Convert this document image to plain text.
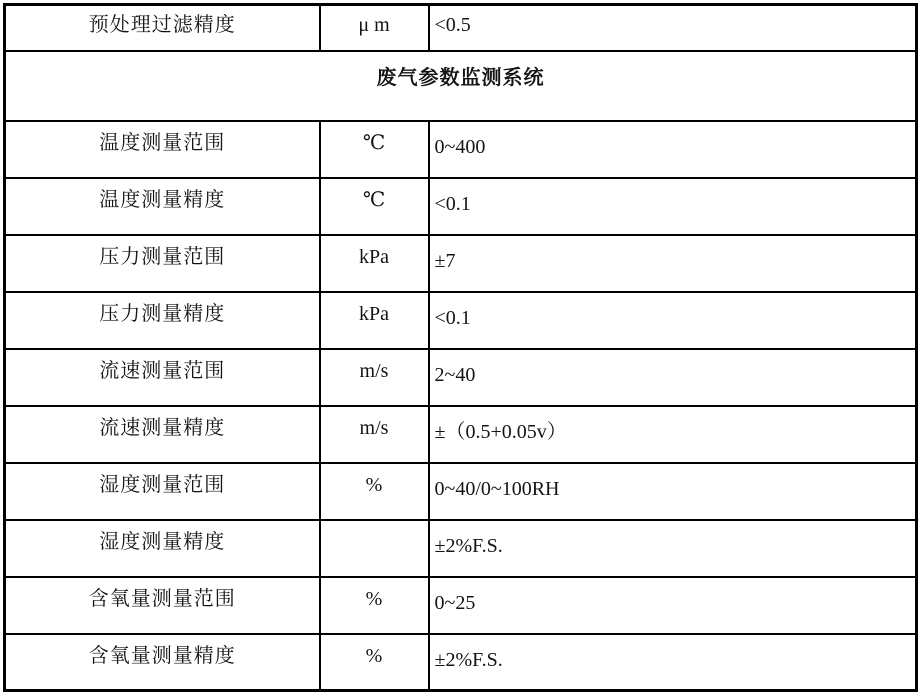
预处理过滤精度	μ m	<0.5
废气参数监测系统		
温度测量范围	℃	0~400
温度测量精度	℃	<0.1
压力测量范围	kPa	±7
压力测量精度	kPa	<0.1
流速测量范围	m/s	2~40
流速测量精度	m/s	±（0.5+0.05v）
湿度测量范围	%	0~40/0~100RH
湿度测量精度		±2%F.S.
含氧量测量范围	%	0~25
含氧量测量精度	%	±2%F.S.
